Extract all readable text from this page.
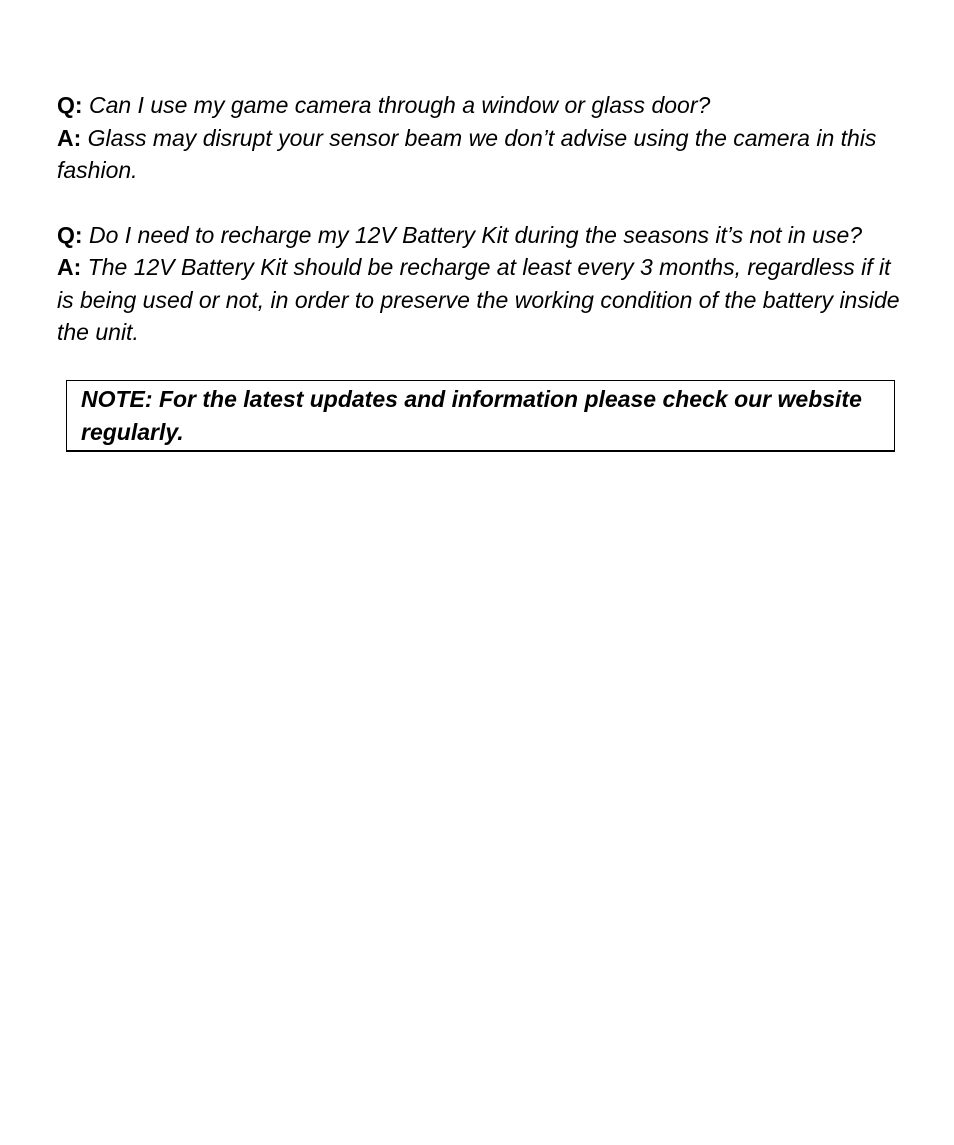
Q: Can I use my game camera through a window or glass door?
A: Glass may disrupt your sensor beam we don’t advise using the camera in this fashion.
Q: Do I need to recharge my 12V Battery Kit during the seasons it’s not in use?
A: The 12V Battery Kit should be recharge at least every 3 months, regardless if it is being used or not, in order to preserve the working condition of the battery inside the unit.
NOTE: For the latest updates and information please check our website regularly.
